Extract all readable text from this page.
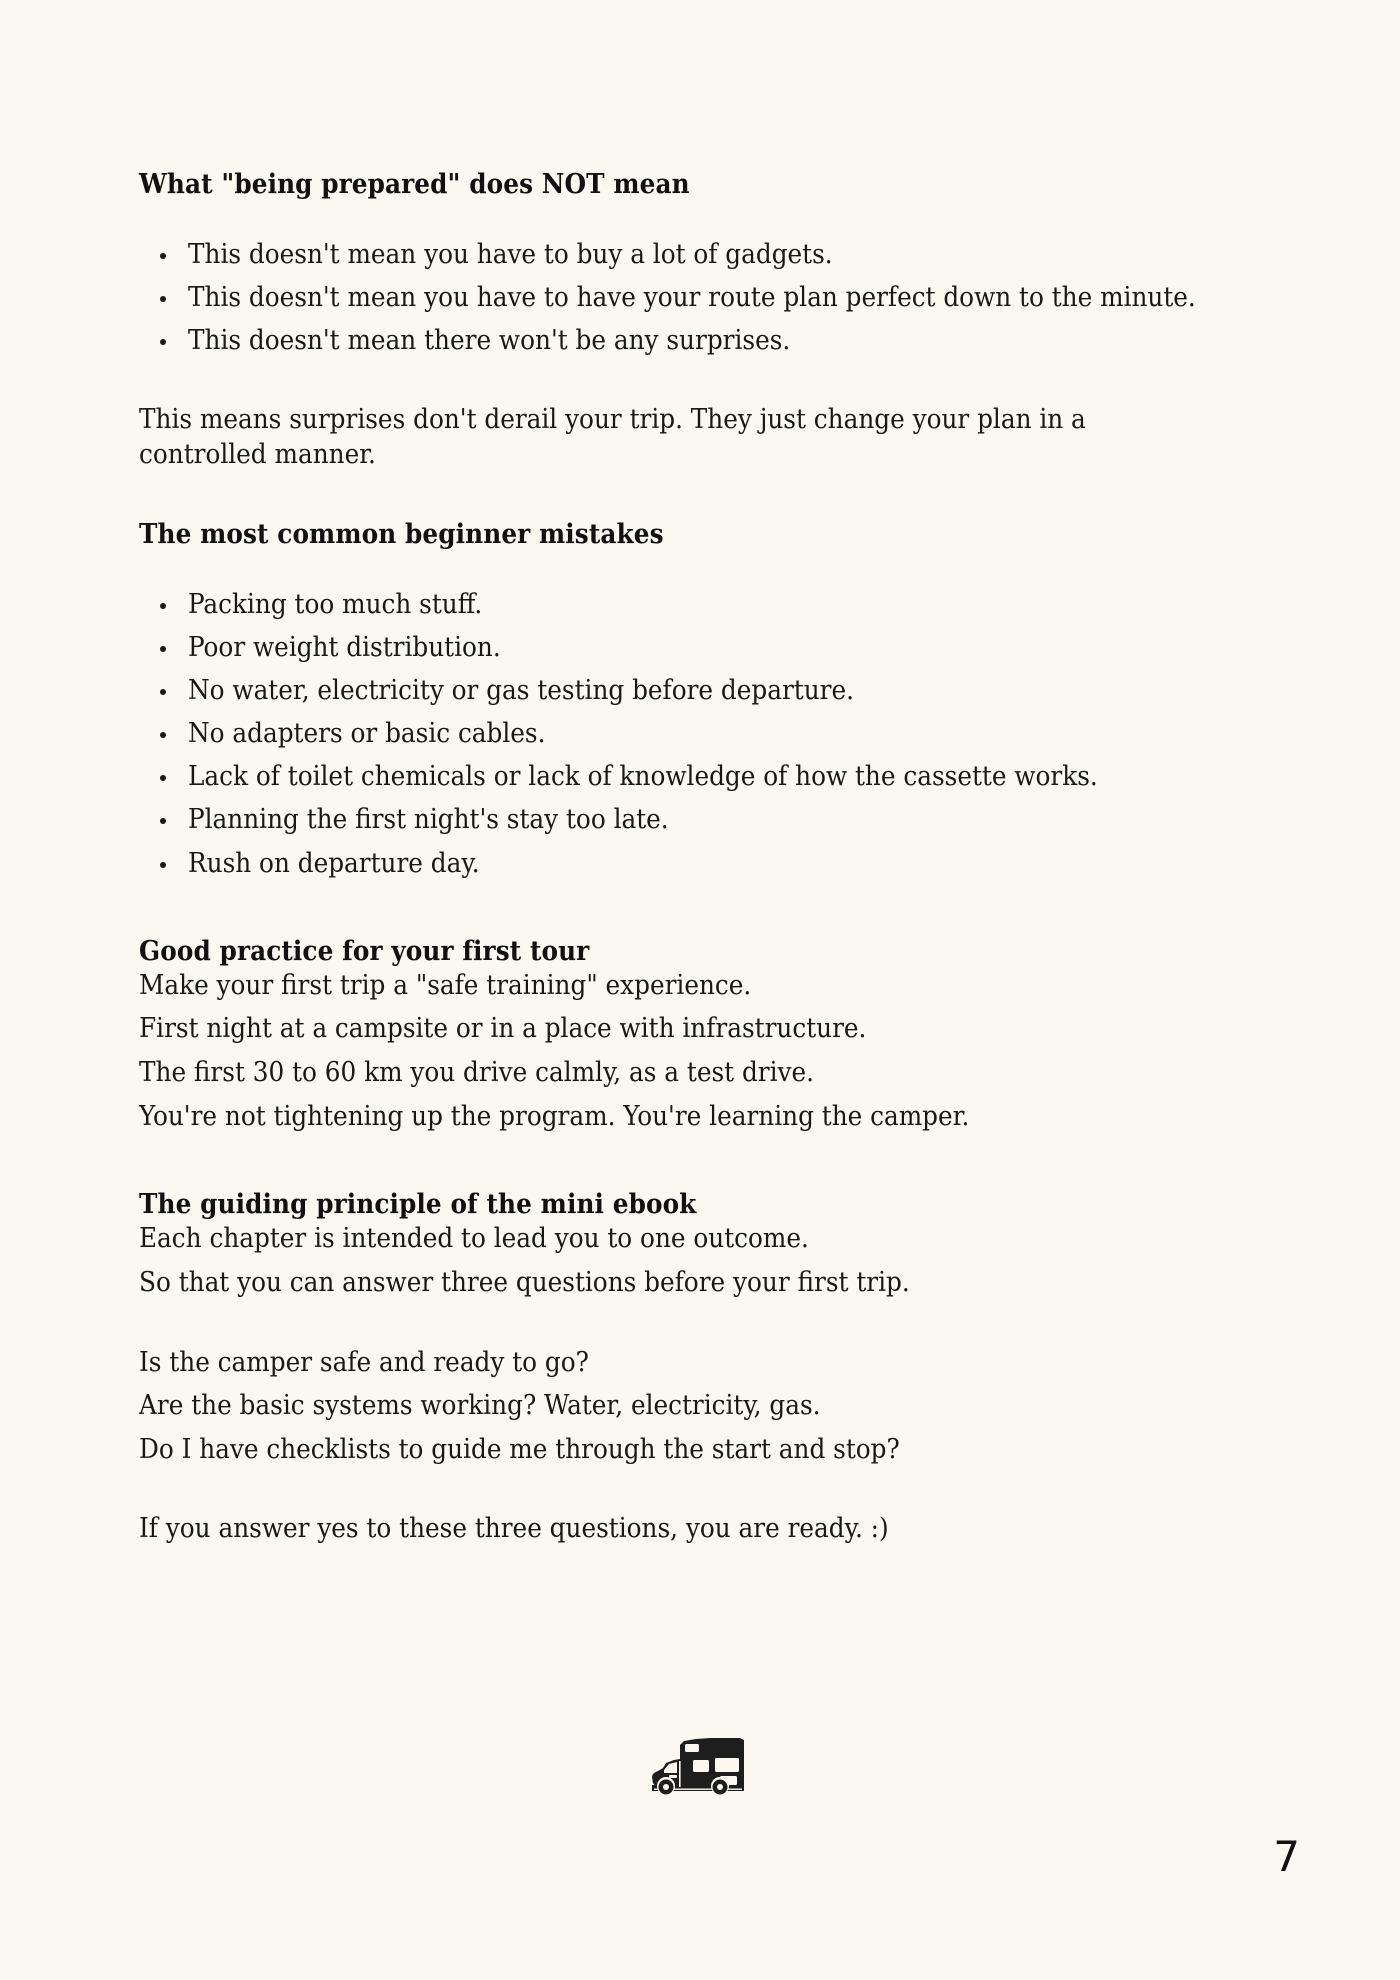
What "being prepared" does NOT mean
This doesn't mean you have to buy a lot of gadgets.
This doesn't mean you have to have your route plan perfect down to the minute.
This doesn't mean there won't be any surprises.

This means surprises don't derail your trip. They just change your plan in a controlled manner.

The most common beginner mistakes
Packing too much stuff.
Poor weight distribution.
No water, electricity or gas testing before departure.
No adapters or basic cables.
Lack of toilet chemicals or lack of knowledge of how the cassette works.
Planning the first night's stay too late.
Rush on departure day.
Good practice for your first tour

Make your first trip a "safe training" experience.

First night at a campsite or in a place with infrastructure.

The first 30 to 60 km you drive calmly, as a test drive.

You're not tightening up the program. You're learning the camper.

The guiding principle of the mini ebook

Each chapter is intended to lead you to one outcome.

So that you can answer three questions before your first trip.

Is the camper safe and ready to go?

Are the basic systems working? Water, electricity, gas.

Do I have checklists to guide me through the start and stop?

If you answer yes to these three questions, you are ready. :)

7
